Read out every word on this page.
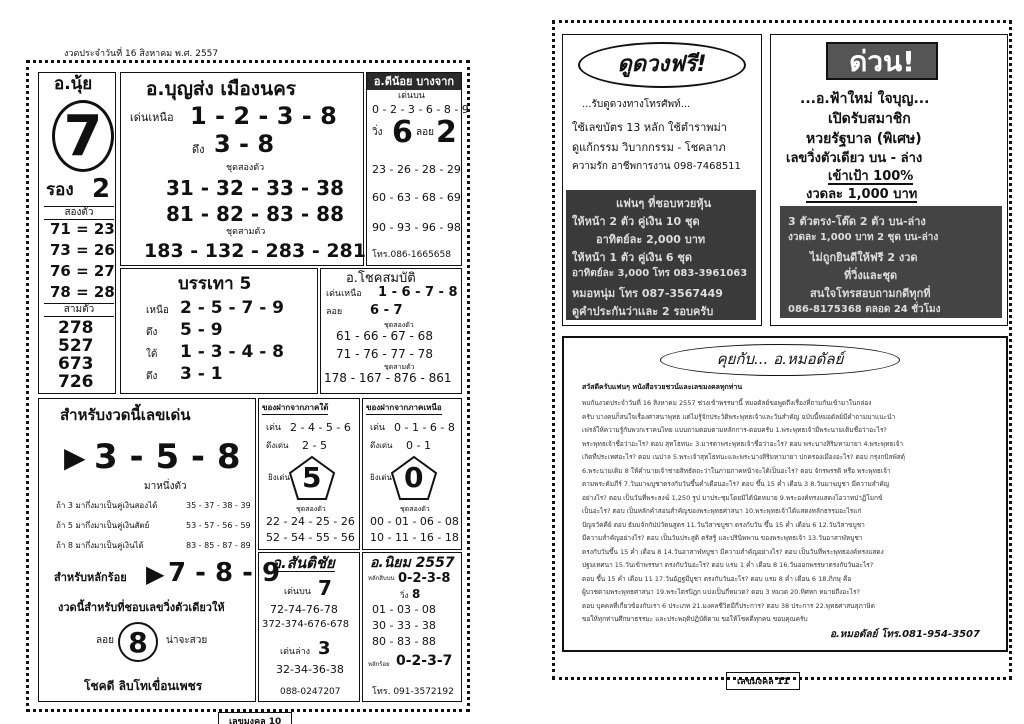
งวดประจำวันที่ 16 สิงหาคม พ.ศ. 2557
อ.นุ้ย
7
รอง 2
สองตัว
71 = 23
73 = 26
76 = 27
78 = 28
สามตัว
278
527
673
726
อ.บุญส่ง เมืองนคร
เด่นเหนือ 1 - 2 - 3 - 8
ดึง 3 - 8
ชุดสองตัว
31 - 32 - 33 - 38
81 - 82 - 83 - 88
ชุดสามตัว
183 - 132 - 283 - 281
อ.ดีน้อย บางจาก
เด่นบน
0 - 2 - 3 - 6 - 8 - 9
วิ่ง 6 ลอย 2
23 - 26 - 28 - 29
60 - 63 - 68 - 69
90 - 93 - 96 - 98
โทร.086-1665658
บรรเทา 5
เหนือ 2 - 5 - 7 - 9
ดึง 5 - 9
ใต้ 1 - 3 - 4 - 8
ดึง 3 - 1
อ.โชคสมบัติ
เด่นเหนือ 1 - 6 - 7 - 8
ลอย 6 - 7
ชุดสองตัว
61 - 66 - 67 - 68
71 - 76 - 77 - 78
ชุดสามตัว
178 - 167 - 876 - 861
สำหรับงวดนี้เลขเด่น
▶ 3 - 5 - 8
มาหนึ่งตัว
ถ้า 3 มากึ่งมาเป็นคู่เงินสองได้	35 - 37 - 38 - 39
ถ้า 5 มากึ่งมาเป็นคู่เงินสัตย์	53 - 57 - 56 - 59
ถ้า 8 มากึ่งมาเป็นคู่เงินได้	83 - 85 - 87 - 89
สำหรับหลักร้อย ▶ 7 - 8 - 9
งวดนี้สำหรับที่ชอบเลขวิ่งตัวเดียวให้
ลอย 8	น่าจะสวย
โชคดี ลิบโทเขื่อนเพชร
ของฝากจากภาคใต้
เด่น 2 - 4 - 5 - 6
ดึงเด่น 2 - 5
ยิงเด่น 5
ชุดสองตัว
22 - 24 - 25 - 26
52 - 54 - 55 - 56
ของฝากจากภาคเหนือ
เด่น 0 - 1 - 6 - 8
ดึงเด่น 0 - 1
ยิงเด่น 0
ชุดสองตัว
00 - 01 - 06 - 08
10 - 11 - 16 - 18
อ.สันติชัย
เด่นบน 7
72-74-76-78
372-374-676-678
เด่นล่าง 3
32-34-36-38
088-0247207
อ.นิยม 2557
หลักสิบบน 0-2-3-8
วิ่ง 8
01 - 03 - 08
30 - 33 - 38
80 - 83 - 88
หลักร้อย 0-2-3-7
โทร. 091-3572192
เลขมงคล 10
ดูดวงฟรี!
...รับดูดวงทางโทรศัพท์...
ใช้เลขบัตร 13 หลัก ใช้ตำราพม่า
ดูแก้กรรม วิบากกรรม - โชคลาภ
ความรัก อาชีพการงาน 098-7468511
แฟนๆ ที่ชอบหวยหุ้น
ให้หน้า 2 ตัว คู่เงิน 10 ชุด
อาทิตย์ละ 2,000 บาท
ให้หน้า 1 ตัว คู่เงิน 6 ชุด
อาทิตย์ละ 3,000 โทร 083-3961063
หมอหนุ่ม โทร 087-3567449
ดูคำประกันว่าเเละ 2 รอบครับ
ด่วน!
...อ.ฟ้าใหม่ ใจบุญ...
เปิดรับสมาชิก
หวยรัฐบาล (พิเศษ)
เลขวิ่งตัวเดียว บน - ล่าง
เข้าเป้า 100%
งวดละ 1,000 บาท
3 ตัวตรง-โต๊ด 2 ตัว บน-ล่าง
งวดละ 1,000 บาท 2 ชุด บน-ล่าง
ไม่ถูกยินดีให้ฟรี 2 งวด
ที่วิ่งและชุด
สนใจโทรสอบถามกดีทุกที่
086-8175368 ตลอด 24 ชั่วโมง
คุยกับ... อ.หมอดัลย์
สวัสดีครับแฟนๆ หนังสือรวยชวน์และเลขมงคลทุกท่าน
พบกันงวดประจำวันที่ 16 สิงหาคม 2557 ช่วงเข้าพรรษานี้ หมอดัลย์ขอพูดถึงเรื่องที่ถามกันเข้ามาในกล่อง
ครับ บางคนก็สนใจเรื่องศาสนาพุทธ แต่ไม่รู้จักประวัติพระพุทธเจ้าและวันสำคัญ ฉบับนี้หมอดัลย์มีคำถามมาแนะนำ
เฟรล์ให้ความรู้กับพวกเราคนไทย แบบถามตอบตามหลักการ-ตอบครับ 1.พระพุทธเจ้ามีพระนามเดิมชื่อว่าอะไร?
พระพุทธเจ้าชื่อว่าอะไร? ตอบ สุทโธทนะ 3.มารดาพระพุทธเจ้าชื่อว่าอะไร? ตอบ พระนางสิริมหามายา 4.พระพุทธเจ้า
เกิดที่ประเทศอะไร? ตอบ เนปาล 5.พระเจ้าสุทโธทนะและพระนางสิริมหามายา ปกครองเมืองอะไร? ตอบ กรุงกบิลพัสดุ์
6.พระนามเดิม 8 ให้คำนายเจ้าชายสิทธัตถะว่าในภายภาคหน้าจะได้เป็นอะไร? ตอบ จักรพรรดิ หรือ พระพุทธเจ้า
ตามพระคัมภีร์ 7.วันมาฆบูชาตรงกับวันขึ้นค่ำเดือนอะไร? ตอบ ขึ้น 15 ค่ำ เดือน 3 8.วันมาฆบูชา มีความสำคัญ
อย่างไร? ตอบ เป็นวันที่พระสงฆ์ 1,250 รูป มาประชุมโดยมิได้นัดหมาย 9.พระองค์ทรงแสดงโอวาทปาฏิโมกข์
เป็นอะไร? ตอบ เป็นหลักคำสอนสำคัญของพระพุทธศาสนา 10.พระพุทธเจ้าได้แสดงหลักธรรมอะไรแก่
ปัญจวัคคีย์ ตอบ ธัมมจักกัปปวัตนสูตร 11.วันวิสาขบูชา ตรงกับวัน ขึ้น 15 ค่ำ เดือน 6 12.วันวิสาขบูชา
มีความสำคัญอย่างไร? ตอบ เป็นวันประสูติ ตรัสรู้ และปรินิพพาน ของพระพุทธเจ้า 13.วันอาสาฬหบูชา
ตรงกับวันขึ้น 15 ค่ำ เดือน 8 14.วันอาสาฬหบูชา มีความสำคัญอย่างไร? ตอบ เป็นวันที่พระพุทธองค์ทรงแสดง
ปฐมเทศนา 15.วันเข้าพรรษา ตรงกับวันอะไร? ตอบ แรม 1 ค่ำ เดือน 8 16.วันออกพรรษาตรงกับวันอะไร?
ตอบ ขึ้น 15 ค่ำ เดือน 11 17.วันอัฏฐมีบูชา ตรงกับวันอะไร? ตอบ แรม 8 ค่ำ เดือน 6 18.ภิกษุ คือ
ผู้บวชตามพระพุทธศาสนา 19.พระไตรปิฎก แบ่งเป็นกี่หมวด? ตอบ 3 หมวด 20.ทิศหก หมายถึงอะไร?
ตอบ บุคคลที่เกี่ยวข้องกับเรา 6 ประเภท 21.มงคลชีวิตมีกี่ประการ? ตอบ 38 ประการ 22.พุทธศาสนสุภาษิต
ขอให้ทุกท่านศึกษาธรรมะ และประพฤติปฏิบัติตาม ขอให้โชคดีทุกคน ขอบคุณครับ
อ.หมอดัลย์ โทร.081-954-3507
เลขมงคล 11
